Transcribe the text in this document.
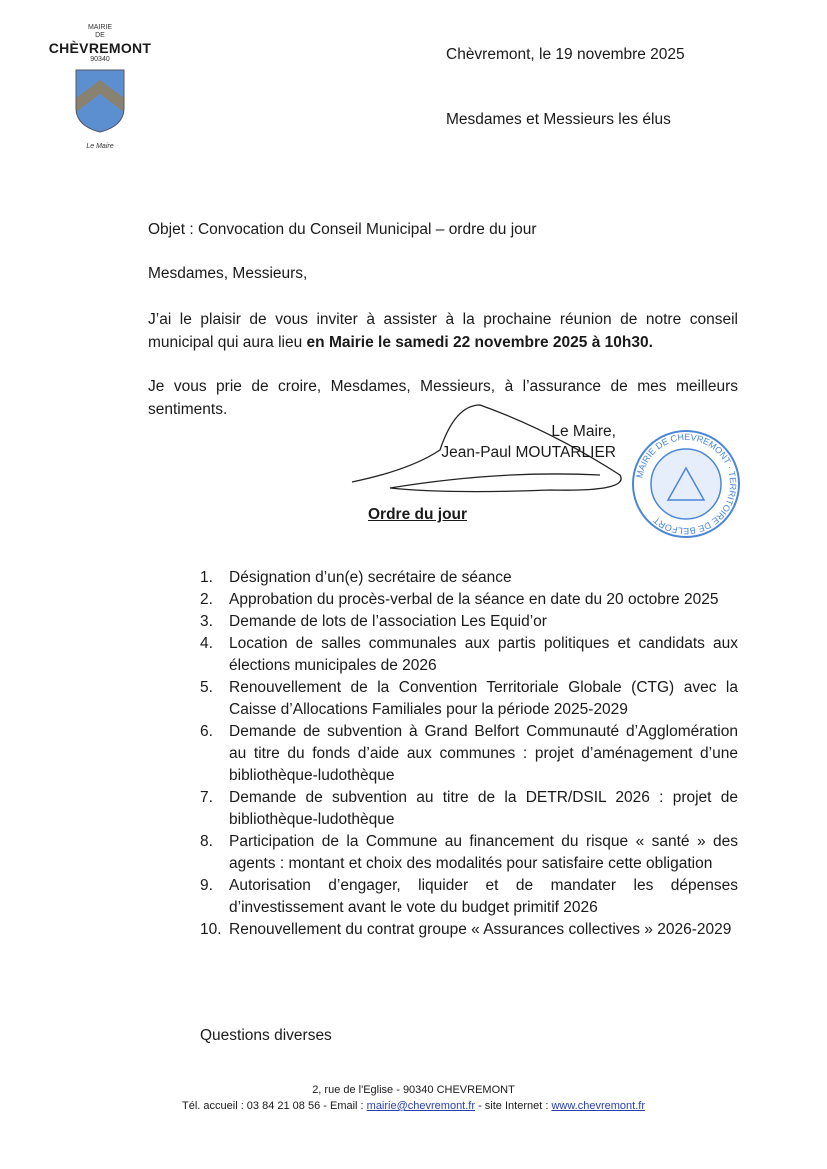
MAIRIE
DE
CHÈVREMONT
90340
Le Maire
Chèvremont, le 19 novembre 2025
Mesdames et Messieurs les élus
Objet : Convocation du Conseil Municipal – ordre du jour
Mesdames, Messieurs,
J’ai le plaisir de vous inviter à assister à la prochaine réunion de notre conseil municipal qui aura lieu en Mairie le samedi 22 novembre 2025 à 10h30.
Je vous prie de croire, Mesdames, Messieurs, à l’assurance de mes meilleurs sentiments.
Le Maire,
Jean-Paul MOUTARLIER
MAIRIE DE CHEVREMONT · TERRITOIRE DE BELFORT
Ordre du jour
1. Désignation d’un(e) secrétaire de séance
2. Approbation du procès-verbal de la séance en date du 20 octobre 2025
3. Demande de lots de l’association Les Equid’or
4. Location de salles communales aux partis politiques et candidats aux élections municipales de 2026
5. Renouvellement de la Convention Territoriale Globale (CTG) avec la Caisse d’Allocations Familiales pour la période 2025-2029
6. Demande de subvention à Grand Belfort Communauté d’Agglomération au titre du fonds d’aide aux communes : projet d’aménagement d’une bibliothèque-ludothèque
7. Demande de subvention au titre de la DETR/DSIL 2026 : projet de bibliothèque-ludothèque
8. Participation de la Commune au financement du risque « santé » des agents : montant et choix des modalités pour satisfaire cette obligation
9. Autorisation d’engager, liquider et de mandater les dépenses d’investissement avant le vote du budget primitif 2026
10. Renouvellement du contrat groupe « Assurances collectives » 2026-2029
Questions diverses
2, rue de l'Eglise - 90340 CHEVREMONT
Tél. accueil : 03 84 21 08 56 - Email : mairie@chevremont.fr - site Internet : www.chevremont.fr
